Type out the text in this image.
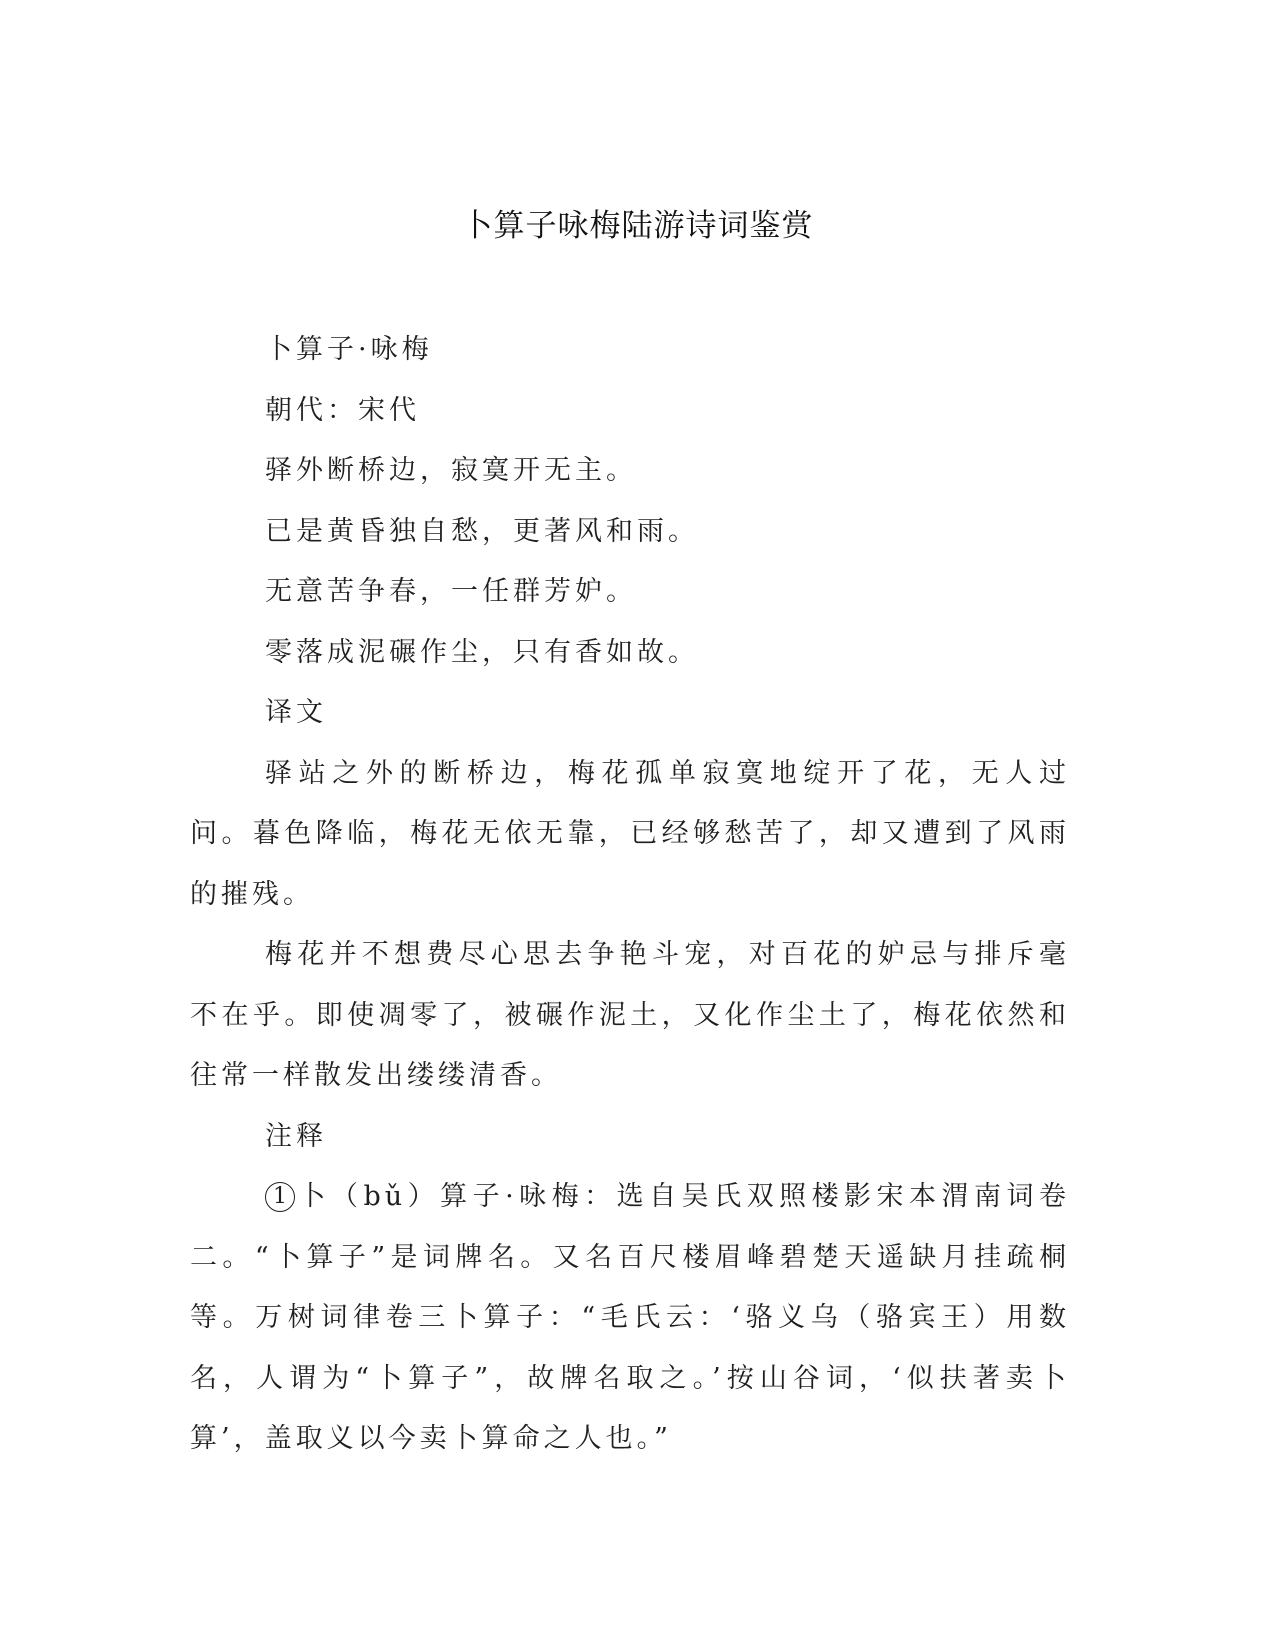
卜算子咏梅陆游诗词鉴赏

卜算子·咏梅

朝代：宋代

驿外断桥边，寂寞开无主。

已是黄昏独自愁，更著风和雨。

无意苦争春，一任群芳妒。

零落成泥碾作尘，只有香如故。

译文

驿站之外的断桥边，梅花孤单寂寞地绽开了花，无人过问。暮色降临，梅花无依无靠，已经够愁苦了，却又遭到了风雨的摧残。

梅花并不想费尽心思去争艳斗宠，对百花的妒忌与排斥毫不在乎。即使凋零了，被碾作泥土，又化作尘土了，梅花依然和往常一样散发出缕缕清香。

注释

1 卜（bǔ）算子·咏梅：选自吴氏双照楼影宋本渭南词卷二。“卜算子”是词牌名。又名百尺楼眉峰碧楚天遥缺月挂疏桐等。万树词律卷三卜算子：“毛氏云：‘骆义乌（骆宾王）用数名，人谓为“卜算子”，故牌名取之。’按山谷词，‘似扶著卖卜算’，盖取义以今卖卜算命之人也。”
